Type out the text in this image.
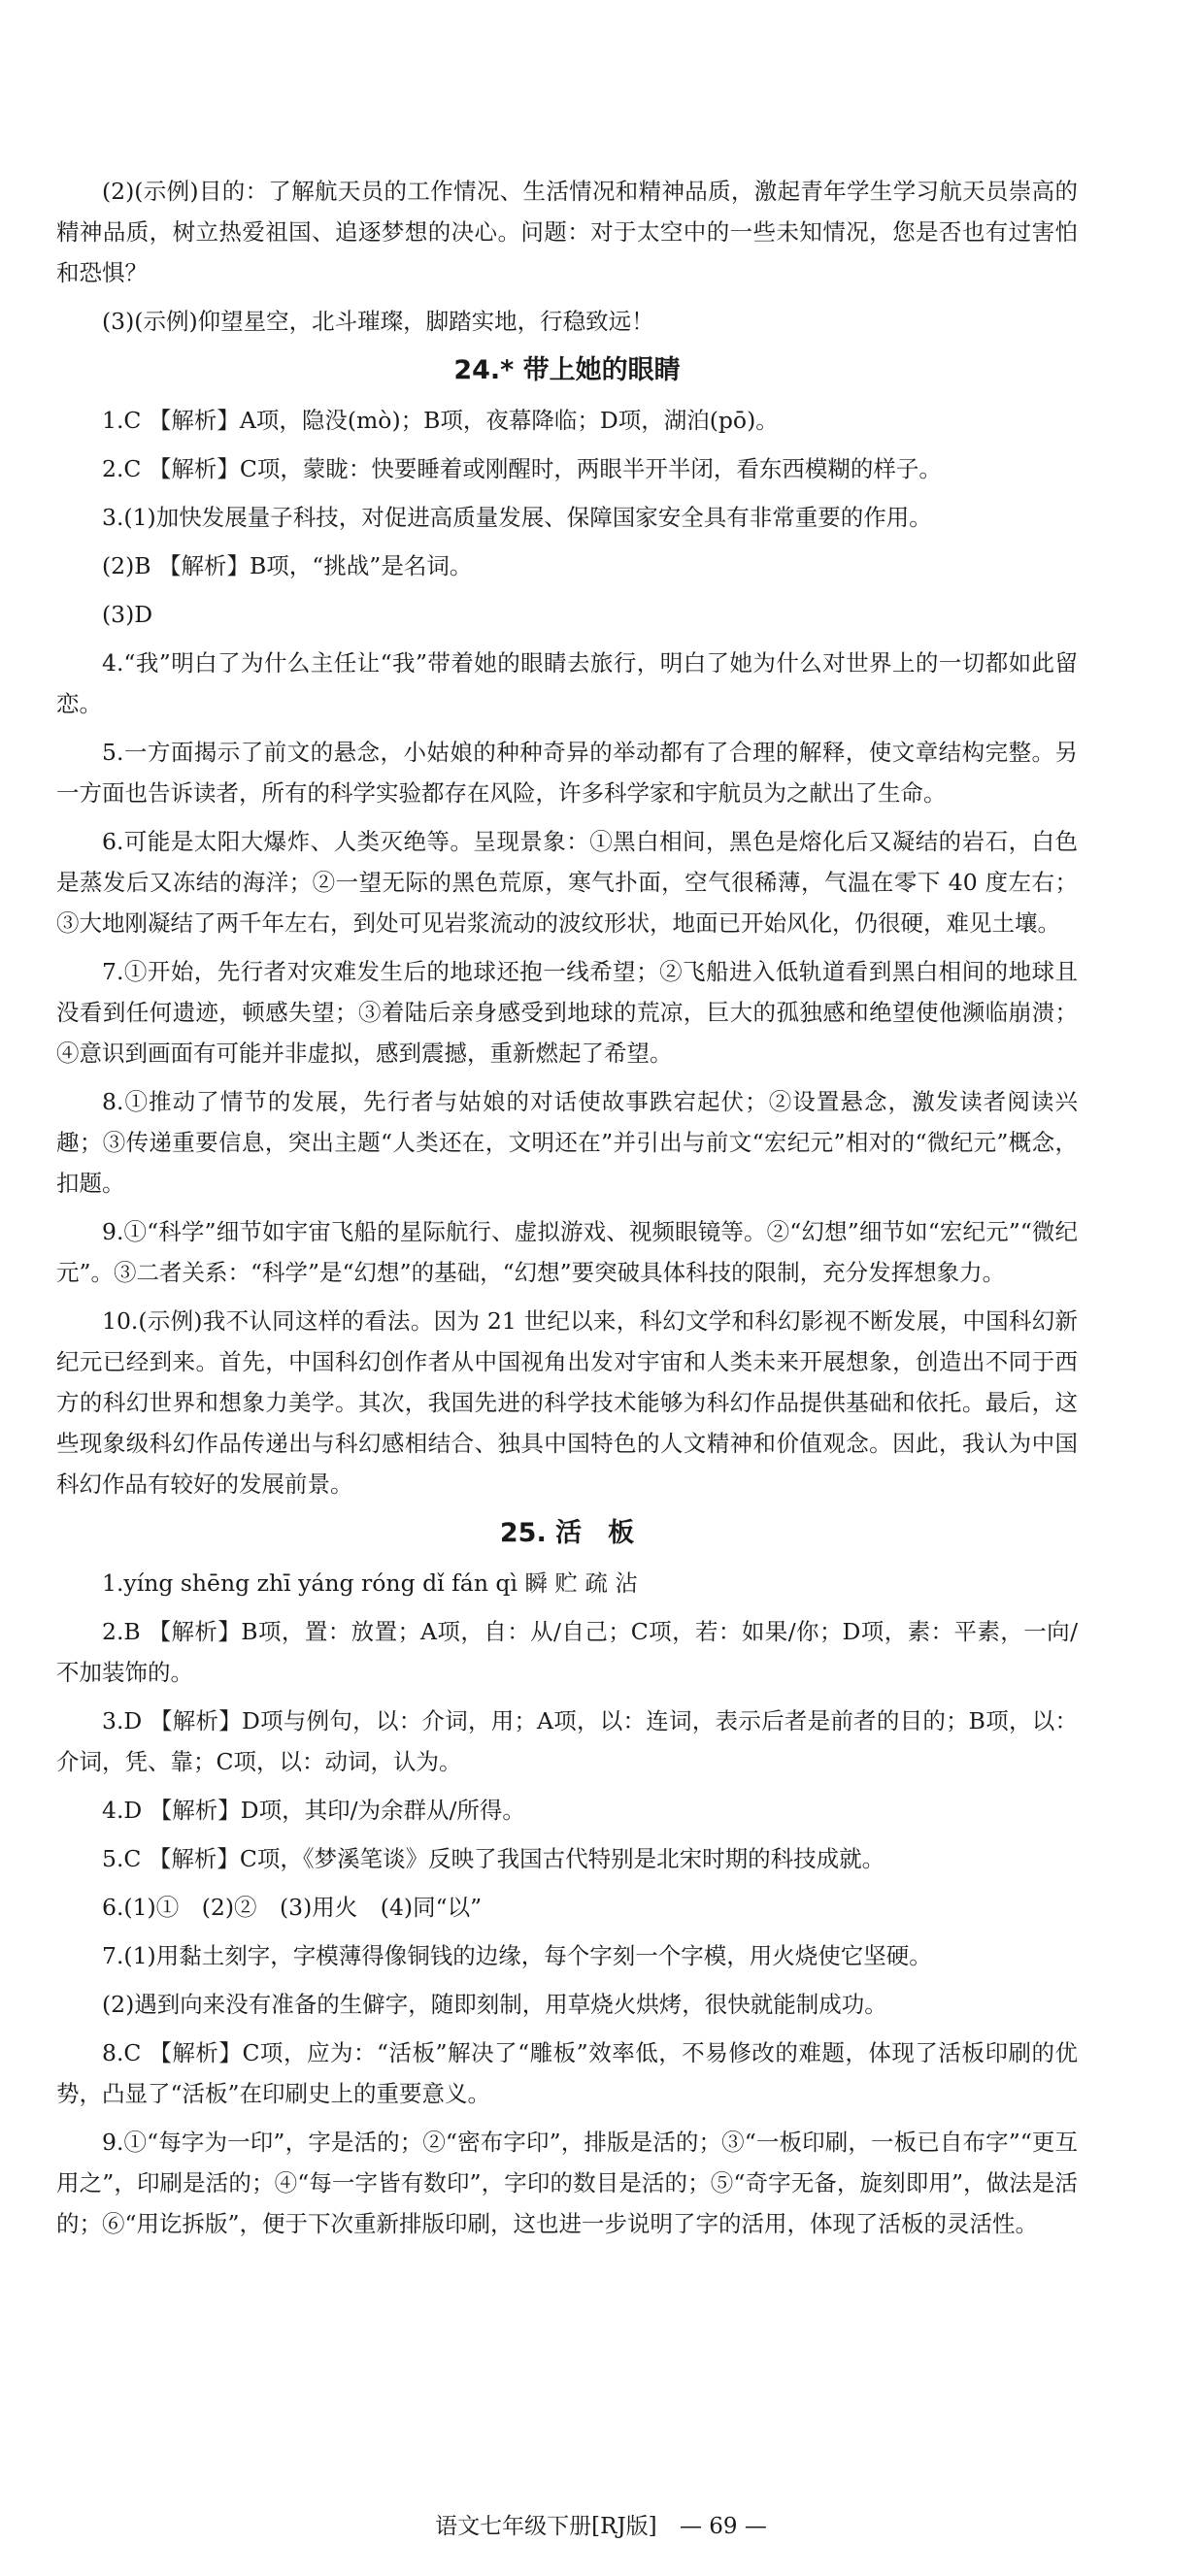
(2)(示例)目的：了解航天员的工作情况、生活情况和精神品质，激起青年学生学习航天员崇高的精神品质，树立热爱祖国、追逐梦想的决心。问题：对于太空中的一些未知情况，您是否也有过害怕和恐惧？

(3)(示例)仰望星空，北斗璀璨，脚踏实地，行稳致远！

24.* 带上她的眼睛

1.C 【解析】A项，隐没(mò)；B项，夜幕降临；D项，湖泊(pō)。

2.C 【解析】C项，蒙眬：快要睡着或刚醒时，两眼半开半闭，看东西模糊的样子。

3.(1)加快发展量子科技，对促进高质量发展、保障国家安全具有非常重要的作用。

(2)B 【解析】B项，“挑战”是名词。

(3)D

4.“我”明白了为什么主任让“我”带着她的眼睛去旅行，明白了她为什么对世界上的一切都如此留恋。

5.一方面揭示了前文的悬念，小姑娘的种种奇异的举动都有了合理的解释，使文章结构完整。另一方面也告诉读者，所有的科学实验都存在风险，许多科学家和宇航员为之献出了生命。

6.可能是太阳大爆炸、人类灭绝等。呈现景象：①黑白相间，黑色是熔化后又凝结的岩石，白色是蒸发后又冻结的海洋；②一望无际的黑色荒原，寒气扑面，空气很稀薄，气温在零下 40 度左右；③大地刚凝结了两千年左右，到处可见岩浆流动的波纹形状，地面已开始风化，仍很硬，难见土壤。

7.①开始，先行者对灾难发生后的地球还抱一线希望；②飞船进入低轨道看到黑白相间的地球且没看到任何遗迹，顿感失望；③着陆后亲身感受到地球的荒凉，巨大的孤独感和绝望使他濒临崩溃；④意识到画面有可能并非虚拟，感到震撼，重新燃起了希望。

8.①推动了情节的发展，先行者与姑娘的对话使故事跌宕起伏；②设置悬念，激发读者阅读兴趣；③传递重要信息，突出主题“人类还在，文明还在”并引出与前文“宏纪元”相对的“微纪元”概念，扣题。

9.①“科学”细节如宇宙飞船的星际航行、虚拟游戏、视频眼镜等。②“幻想”细节如“宏纪元”“微纪元”。③二者关系：“科学”是“幻想”的基础，“幻想”要突破具体科技的限制，充分发挥想象力。

10.(示例)我不认同这样的看法。因为 21 世纪以来，科幻文学和科幻影视不断发展，中国科幻新纪元已经到来。首先，中国科幻创作者从中国视角出发对宇宙和人类未来开展想象，创造出不同于西方的科幻世界和想象力美学。其次，我国先进的科学技术能够为科幻作品提供基础和依托。最后，这些现象级科幻作品传递出与科幻感相结合、独具中国特色的人文精神和价值观念。因此，我认为中国科幻作品有较好的发展前景。

25. 活　板

1.yíng shēng zhī yáng róng dǐ fán qì 瞬 贮 疏 沾

2.B 【解析】B项，置：放置；A项，自：从/自己；C项，若：如果/你；D项，素：平素，一向/不加装饰的。

3.D 【解析】D项与例句，以：介词，用；A项，以：连词，表示后者是前者的目的；B项，以：介词，凭、靠；C项，以：动词，认为。

4.D 【解析】D项，其印/为余群从/所得。

5.C 【解析】C项，《梦溪笔谈》反映了我国古代特别是北宋时期的科技成就。

6.(1)①　(2)②　(3)用火　(4)同“以”

7.(1)用黏土刻字，字模薄得像铜钱的边缘，每个字刻一个字模，用火烧使它坚硬。

(2)遇到向来没有准备的生僻字，随即刻制，用草烧火烘烤，很快就能制成功。

8.C 【解析】C项，应为：“活板”解决了“雕板”效率低，不易修改的难题，体现了活板印刷的优势，凸显了“活板”在印刷史上的重要意义。

9.①“每字为一印”，字是活的；②“密布字印”，排版是活的；③“一板印刷，一板已自布字”“更互用之”，印刷是活的；④“每一字皆有数印”，字印的数目是活的；⑤“奇字无备，旋刻即用”，做法是活的；⑥“用讫拆版”，便于下次重新排版印刷，这也进一步说明了字的活用，体现了活板的灵活性。

语文七年级下册[RJ版] — 69 —
